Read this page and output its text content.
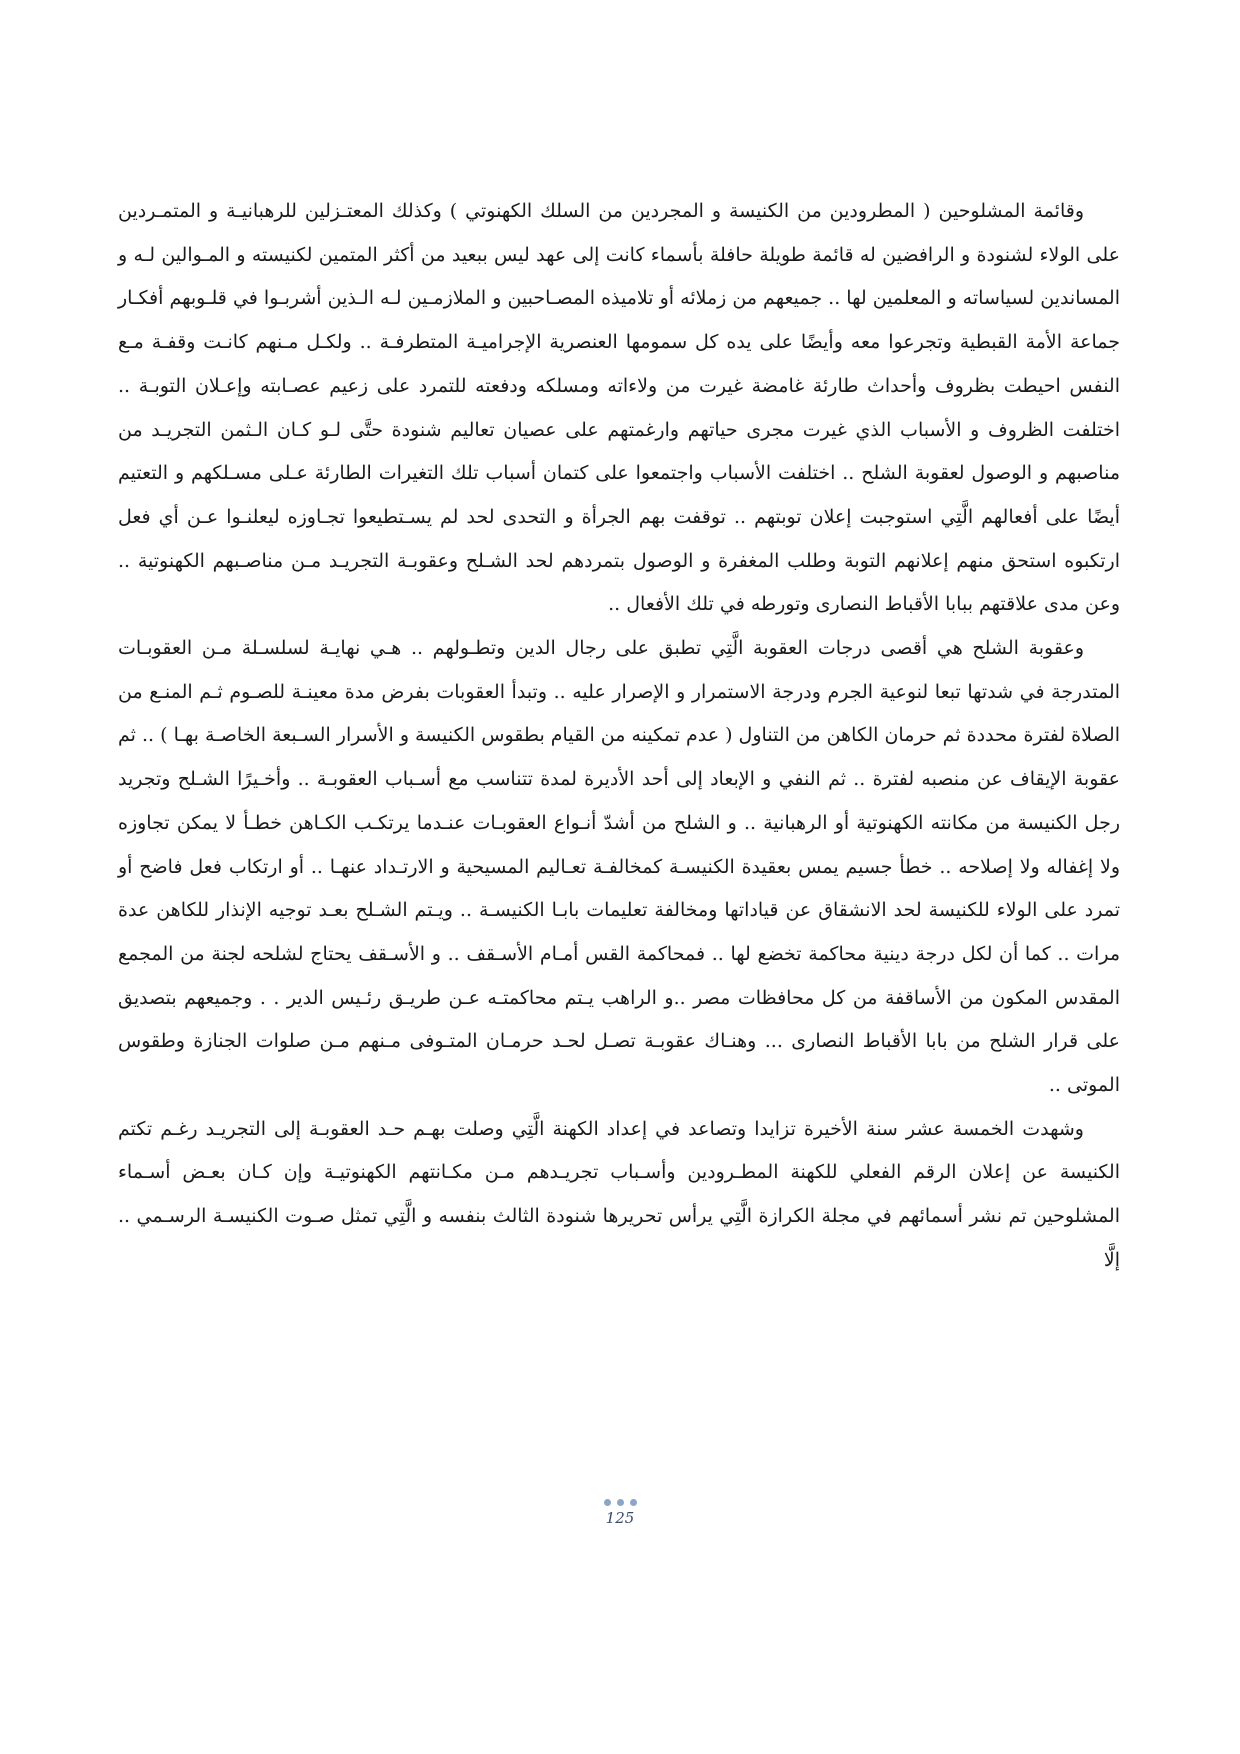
وقائمة المشلوحين ( المطرودين من الكنيسة و المجردين من السلك الكهنوتي ) وكذلك المعتـزلين للرهبانيـة و المتمـردين على الولاء لشنودة و الرافضين له قائمة طويلة حافلة بأسماء كانت إلى عهد ليس ببعيد من أكثر المتمين لكنيسته و المـوالين لـه و المساندين لسياساته و المعلمين لها .. جميعهم من زملائه أو تلاميذه المصـاحبين و الملازمـين لـه الـذين أشربـوا في قلـوبهم أفكـار جماعة الأمة القبطية وتجرعوا معه وأيضًا على يده كل سمومها العنصرية الإجراميـة المتطرفـة .. ولكـل مـنهم كانـت وقفـة مـع النفس احيطت بظروف وأحداث طارئة غامضة غيرت من ولاءاته ومسلكه ودفعته للتمرد على زعيم عصـابته وإعـلان التوبـة .. اختلفت الظروف و الأسباب الذي غيرت مجرى حياتهم وارغمتهم على عصيان تعاليم شنودة حتَّى لـو كـان الـثمن التجريـد من مناصبهم و الوصول لعقوبة الشلح .. اختلفت الأسباب واجتمعوا على كتمان أسباب تلك التغيرات الطارئة عـلى مسـلكهم و التعتيم أيضًا على أفعالهم الَّتِي استوجبت إعلان توبتهم .. توقفت بهم الجرأة و التحدى لحد لم يسـتطيعوا تجـاوزه ليعلنـوا عـن أي فعل ارتكبوه استحق منهم إعلانهم التوبة وطلب المغفرة و الوصول بتمردهم لحد الشـلح وعقوبـة التجريـد مـن مناصـبهم الكهنوتية .. وعن مدى علاقتهم ببابا الأقباط النصارى وتورطه في تلك الأفعال ..

وعقوبة الشلح هي أقصى درجات العقوبة الَّتِي تطبق على رجال الدين وتطـولهم .. هـي نهايـة لسلسـلة مـن العقوبـات المتدرجة في شدتها تبعا لنوعية الجرم ودرجة الاستمرار و الإصرار عليه .. وتبدأ العقوبات بفرض مدة معينـة للصـوم ثـم المنـع من الصلاة لفترة محددة ثم حرمان الكاهن من التناول ( عدم تمكينه من القيام بطقوس الكنيسة و الأسرار السـبعة الخاصـة بهـا ) .. ثم عقوبة الإيقاف عن منصبه لفترة .. ثم النفي و الإبعاد إلى أحد الأديرة لمدة تتناسب مع أسـباب العقوبـة .. وأخـيرًا الشـلح وتجريد رجل الكنيسة من مكانته الكهنوتية أو الرهبانية .. و الشلح من أشدّ أنـواع العقوبـات عنـدما يرتكـب الكـاهن خطـأ لا يمكن تجاوزه ولا إغفاله ولا إصلاحه .. خطأ جسيم يمس بعقيدة الكنيسـة كمخالفـة تعـاليم المسيحية و الارتـداد عنهـا .. أو ارتكاب فعل فاضح أو تمرد على الولاء للكنيسة لحد الانشقاق عن قياداتها ومخالفة تعليمات بابـا الكنيسـة .. ويـتم الشـلح بعـد توجيه الإنذار للكاهن عدة مرات .. كما أن لكل درجة دينية محاكمة تخضع لها .. فمحاكمة القس أمـام الأسـقف .. و الأسـقف يحتاج لشلحه لجنة من المجمع المقدس المكون من الأساقفة من كل محافظات مصر ..و الراهب يـتم محاكمتـه عـن طريـق رئـيس الدير . . وجميعهم بتصديق على قرار الشلح من بابا الأقباط النصارى ... وهنـاك عقوبـة تصـل لحـد حرمـان المتـوفى مـنهم مـن صلوات الجنازة وطقوس الموتى ..

وشهدت الخمسة عشر سنة الأخيرة تزايدا وتصاعد في إعداد الكهنة الَّتِي وصلت بهـم حـد العقوبـة إلى التجريـد رغـم تكتم الكنيسة عن إعلان الرقم الفعلي للكهنة المطـرودين وأسـباب تجريـدهم مـن مكـانتهم الكهنوتيـة وإن كـان بعـض أسـماء المشلوحين تم نشر أسمائهم في مجلة الكرازة الَّتِي يرأس تحريرها شنودة الثالث بنفسه و الَّتِي تمثل صـوت الكنيسـة الرسـمي .. إلَّا

125
